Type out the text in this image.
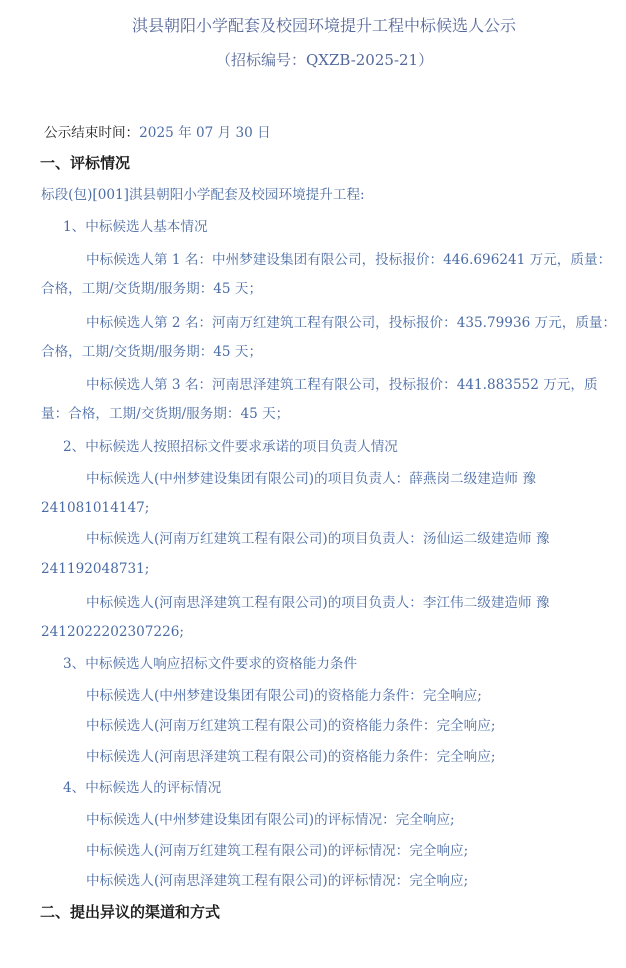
淇县朝阳小学配套及校园环境提升工程中标候选人公示
（招标编号：QXZB-2025-21）
公示结束时间：2025 年 07 月 30 日
一、评标情况
标段(包)[001]淇县朝阳小学配套及校园环境提升工程:
1、中标候选人基本情况
中标候选人第 1 名：中州梦建设集团有限公司，投标报价：446.696241 万元，质量：
合格，工期/交货期/服务期：45 天；
中标候选人第 2 名：河南万红建筑工程有限公司，投标报价：435.79936 万元，质量：
合格，工期/交货期/服务期：45 天；
中标候选人第 3 名：河南思泽建筑工程有限公司，投标报价：441.883552 万元，质
量：合格，工期/交货期/服务期：45 天；
2、中标候选人按照招标文件要求承诺的项目负责人情况
中标候选人(中州梦建设集团有限公司)的项目负责人：薛燕岗二级建造师 豫
241081014147;
中标候选人(河南万红建筑工程有限公司)的项目负责人：汤仙运二级建造师 豫
241192048731;
中标候选人(河南思泽建筑工程有限公司)的项目负责人：李江伟二级建造师 豫
2412022202307226;
3、中标候选人响应招标文件要求的资格能力条件
中标候选人(中州梦建设集团有限公司)的资格能力条件：完全响应;
中标候选人(河南万红建筑工程有限公司)的资格能力条件：完全响应;
中标候选人(河南思泽建筑工程有限公司)的资格能力条件：完全响应;
4、中标候选人的评标情况
中标候选人(中州梦建设集团有限公司)的评标情况：完全响应;
中标候选人(河南万红建筑工程有限公司)的评标情况：完全响应;
中标候选人(河南思泽建筑工程有限公司)的评标情况：完全响应;
二、提出异议的渠道和方式
